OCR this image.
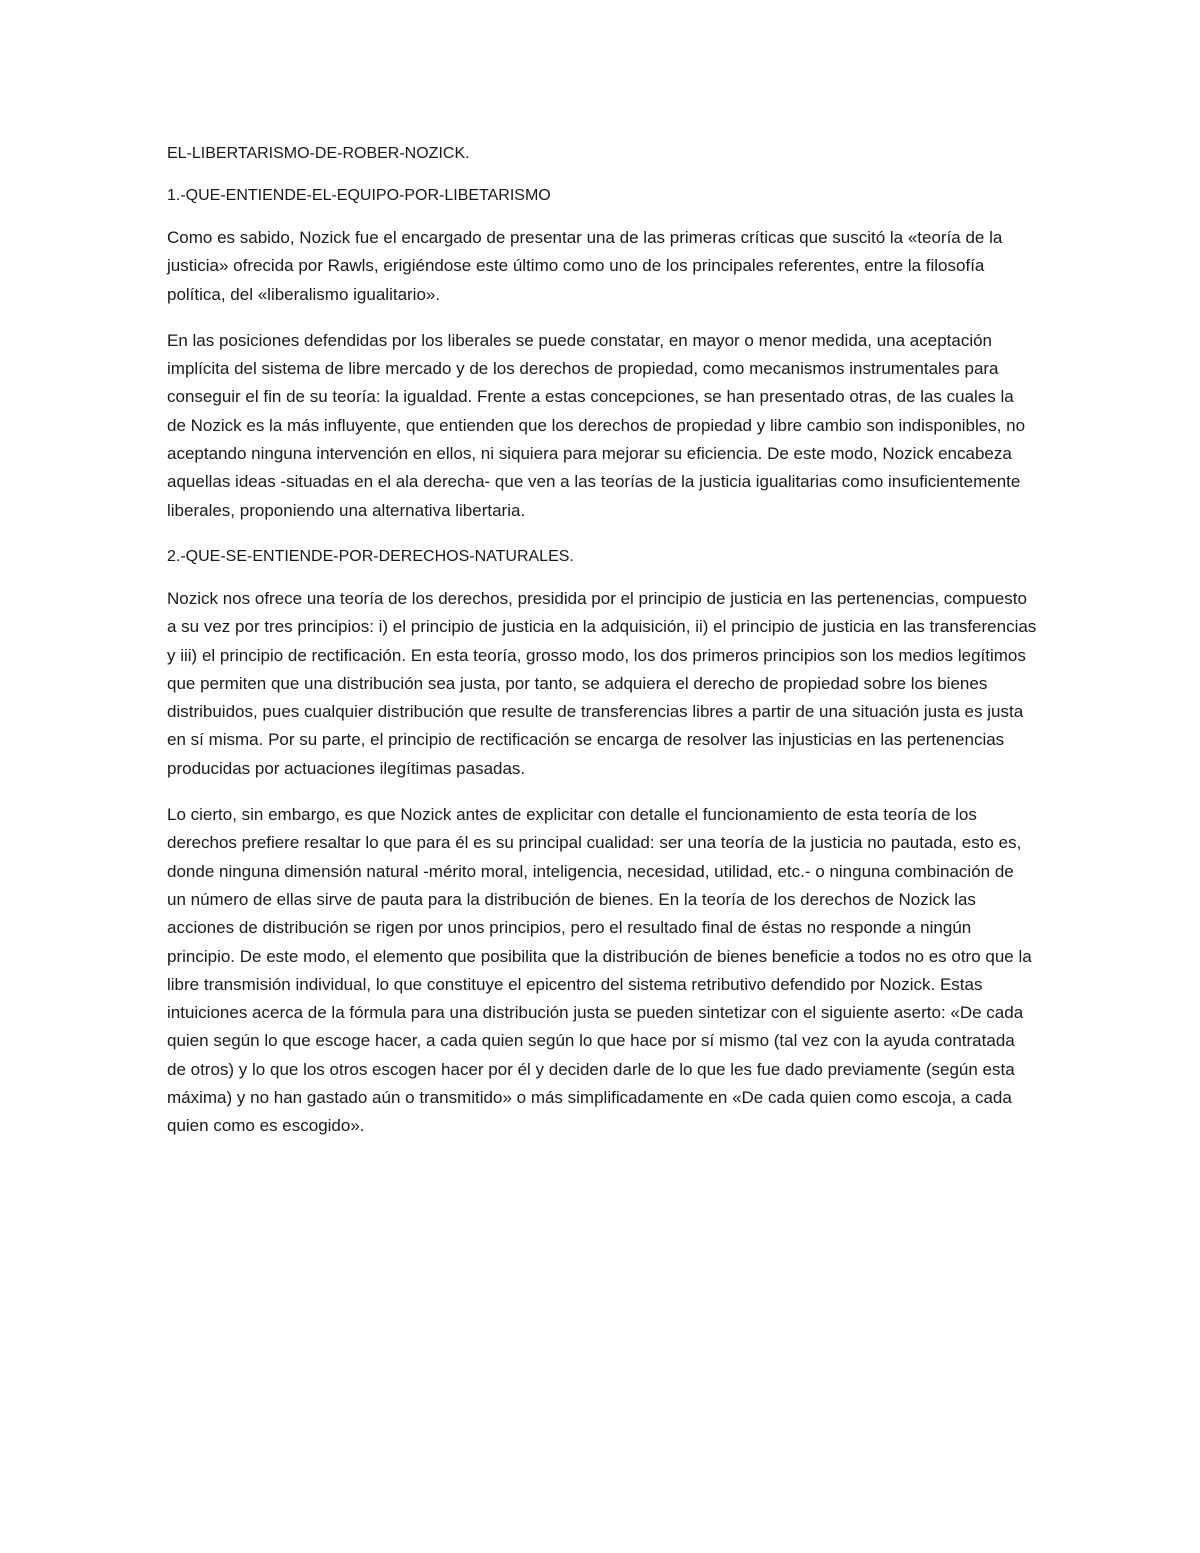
EL-LIBERTARISMO-DE-ROBER-NOZICK.
1.-QUE-ENTIENDE-EL-EQUIPO-POR-LIBETARISMO

Como es sabido, Nozick fue el encargado de presentar una de las primeras críticas que suscitó la «teoría de la justicia» ofrecida por Rawls, erigiéndose este último como uno de los principales referentes, entre la filosofía política, del «liberalismo igualitario».

En las posiciones defendidas por los liberales se puede constatar, en mayor o menor medida, una aceptación implícita del sistema de libre mercado y de los derechos de propiedad, como mecanismos instrumentales para conseguir el fin de su teoría: la igualdad. Frente a estas concepciones, se han presentado otras, de las cuales la de Nozick es la más influyente, que entienden que los derechos de propiedad y libre cambio son indisponibles, no aceptando ninguna intervención en ellos, ni siquiera para mejorar su eficiencia. De este modo, Nozick encabeza aquellas ideas -situadas en el ala derecha- que ven a las teorías de la justicia igualitarias como insuficientemente liberales, proponiendo una alternativa libertaria.

2.-QUE-SE-ENTIENDE-POR-DERECHOS-NATURALES.

Nozick nos ofrece una teoría de los derechos, presidida por el principio de justicia en las pertenencias, compuesto a su vez por tres principios: i) el principio de justicia en la adquisición, ii) el principio de justicia en las transferencias y iii) el principio de rectificación. En esta teoría, grosso modo, los dos primeros principios son los medios legítimos que permiten que una distribución sea justa, por tanto, se adquiera el derecho de propiedad sobre los bienes distribuidos, pues cualquier distribución que resulte de transferencias libres a partir de una situación justa es justa en sí misma. Por su parte, el principio de rectificación se encarga de resolver las injusticias en las pertenencias producidas por actuaciones ilegítimas pasadas.

Lo cierto, sin embargo, es que Nozick antes de explicitar con detalle el funcionamiento de esta teoría de los derechos prefiere resaltar lo que para él es su principal cualidad: ser una teoría de la justicia no pautada, esto es, donde ninguna dimensión natural -mérito moral, inteligencia, necesidad, utilidad, etc.- o ninguna combinación de un número de ellas sirve de pauta para la distribución de bienes. En la teoría de los derechos de Nozick las acciones de distribución se rigen por unos principios, pero el resultado final de éstas no responde a ningún principio. De este modo, el elemento que posibilita que la distribución de bienes beneficie a todos no es otro que la libre transmisión individual, lo que constituye el epicentro del sistema retributivo defendido por Nozick. Estas intuiciones acerca de la fórmula para una distribución justa se pueden sintetizar con el siguiente aserto: «De cada quien según lo que escoge hacer, a cada quien según lo que hace por sí mismo (tal vez con la ayuda contratada de otros) y lo que los otros escogen hacer por él y deciden darle de lo que les fue dado previamente (según esta máxima) y no han gastado aún o transmitido» o más simplificadamente en «De cada quien como escoja, a cada quien como es escogido».
